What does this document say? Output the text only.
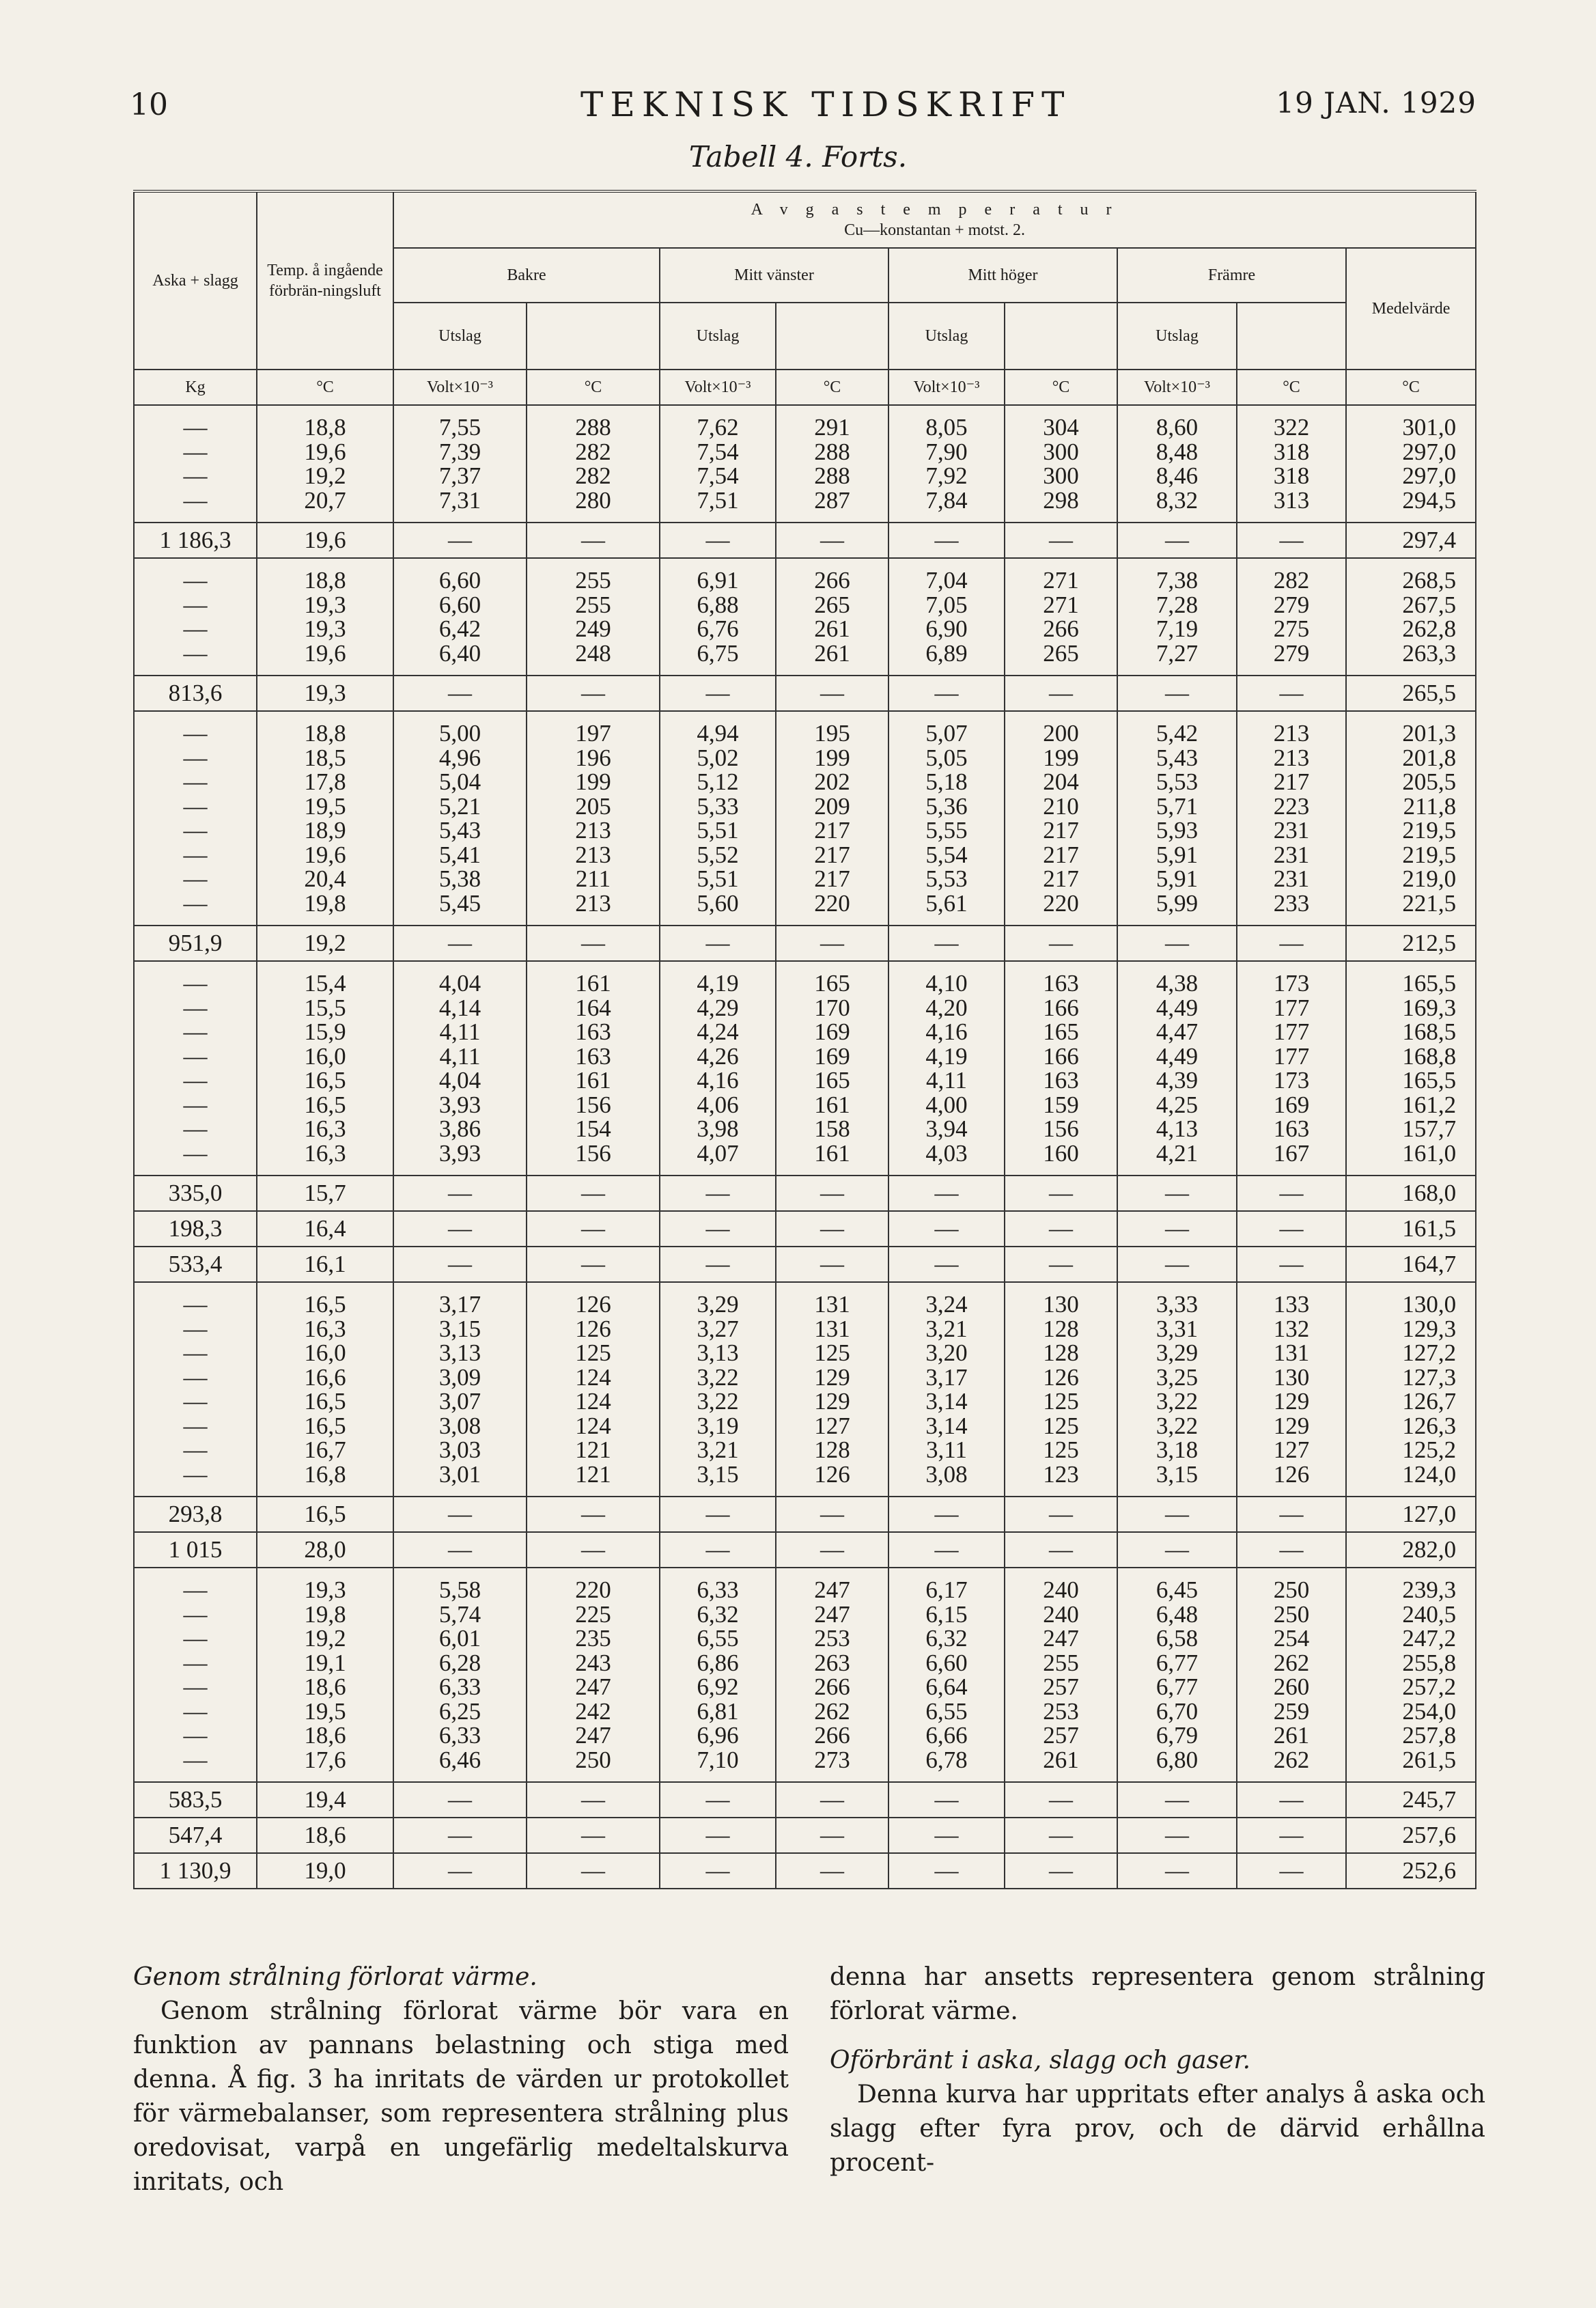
10	TEKNISK TIDSKRIFT	19 JAN. 1929
Tabell 4. Forts.
Aska + slagg	Temp. å ingående förbrän-ningsluft	A v g a s t e m p e r a t u r
Cu—konstantan + motst. 2.								

		Bakre		Mitt vänster		Mitt höger		Främre		Medelvärde
		Utslag		Utslag		Utslag		Utslag		
Kg	°C	Volt×10⁻³	°C	Volt×10⁻³	°C	Volt×10⁻³	°C	Volt×10⁻³	°C	°C

—	18,8	7,55	288	7,62	291	8,05	304	8,60	322	301,0
—	19,6	7,39	282	7,54	288	7,90	300	8,48	318	297,0
—	19,2	7,37	282	7,54	288	7,92	300	8,46	318	297,0
—	20,7	7,31	280	7,51	287	7,84	298	8,32	313	294,5

1 186,3	19,6	—	—	—	—	—	—	—	—	297,4

—	18,8	6,60	255	6,91	266	7,04	271	7,38	282	268,5
—	19,3	6,60	255	6,88	265	7,05	271	7,28	279	267,5
—	19,3	6,42	249	6,76	261	6,90	266	7,19	275	262,8
—	19,6	6,40	248	6,75	261	6,89	265	7,27	279	263,3

813,6	19,3	—	—	—	—	—	—	—	—	265,5

—	18,8	5,00	197	4,94	195	5,07	200	5,42	213	201,3
—	18,5	4,96	196	5,02	199	5,05	199	5,43	213	201,8
—	17,8	5,04	199	5,12	202	5,18	204	5,53	217	205,5
—	19,5	5,21	205	5,33	209	5,36	210	5,71	223	211,8
—	18,9	5,43	213	5,51	217	5,55	217	5,93	231	219,5
—	19,6	5,41	213	5,52	217	5,54	217	5,91	231	219,5
—	20,4	5,38	211	5,51	217	5,53	217	5,91	231	219,0
—	19,8	5,45	213	5,60	220	5,61	220	5,99	233	221,5

951,9	19,2	—	—	—	—	—	—	—	—	212,5

—	15,4	4,04	161	4,19	165	4,10	163	4,38	173	165,5
—	15,5	4,14	164	4,29	170	4,20	166	4,49	177	169,3
—	15,9	4,11	163	4,24	169	4,16	165	4,47	177	168,5
—	16,0	4,11	163	4,26	169	4,19	166	4,49	177	168,8
—	16,5	4,04	161	4,16	165	4,11	163	4,39	173	165,5
—	16,5	3,93	156	4,06	161	4,00	159	4,25	169	161,2
—	16,3	3,86	154	3,98	158	3,94	156	4,13	163	157,7
—	16,3	3,93	156	4,07	161	4,03	160	4,21	167	161,0

335,0	15,7	—	—	—	—	—	—	—	—	168,0
198,3	16,4	—	—	—	—	—	—	—	—	161,5
533,4	16,1	—	—	—	—	—	—	—	—	164,7

—	16,5	3,17	126	3,29	131	3,24	130	3,33	133	130,0
—	16,3	3,15	126	3,27	131	3,21	128	3,31	132	129,3
—	16,0	3,13	125	3,13	125	3,20	128	3,29	131	127,2
—	16,6	3,09	124	3,22	129	3,17	126	3,25	130	127,3
—	16,5	3,07	124	3,22	129	3,14	125	3,22	129	126,7
—	16,5	3,08	124	3,19	127	3,14	125	3,22	129	126,3
—	16,7	3,03	121	3,21	128	3,11	125	3,18	127	125,2
—	16,8	3,01	121	3,15	126	3,08	123	3,15	126	124,0

293,8	16,5	—	—	—	—	—	—	—	—	127,0
1 015	28,0	—	—	—	—	—	—	—	—	282,0

—	19,3	5,58	220	6,33	247	6,17	240	6,45	250	239,3
—	19,8	5,74	225	6,32	247	6,15	240	6,48	250	240,5
—	19,2	6,01	235	6,55	253	6,32	247	6,58	254	247,2
—	19,1	6,28	243	6,86	263	6,60	255	6,77	262	255,8
—	18,6	6,33	247	6,92	266	6,64	257	6,77	260	257,2
—	19,5	6,25	242	6,81	262	6,55	253	6,70	259	254,0
—	18,6	6,33	247	6,96	266	6,66	257	6,79	261	257,8
—	17,6	6,46	250	7,10	273	6,78	261	6,80	262	261,5

583,5	19,4	—	—	—	—	—	—	—	—	245,7
547,4	18,6	—	—	—	—	—	—	—	—	257,6
1 130,9	19,0	—	—	—	—	—	—	—	—	252,6
Genom strålning förlorat värme.

Genom strålning förlorat värme bör vara en funktion av pannans belastning och stiga med denna. Å fig. 3 ha inritats de värden ur protokollet för värmebalanser, som representera strålning plus oredovisat, varpå en ungefärlig medeltalskurva inritats, och

denna har ansetts representera genom strålning förlorat värme.

Oförbränt i aska, slagg och gaser.

Denna kurva har uppritats efter analys å aska och slagg efter fyra prov, och de därvid erhållna procent-
